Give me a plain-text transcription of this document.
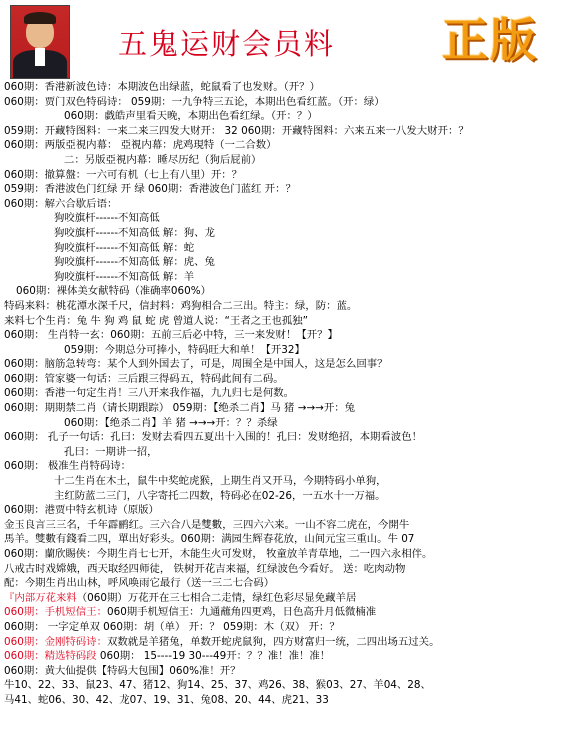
五鬼运财会员料 正版
060期：香港新波色诗：本期波色出绿蓝，蛇鼠看了也发财。（开？）
060期：贾门双色特码诗： 059期：一九争特三五论，本期出色看红蓝。（开：绿）
060期：戯皓声里看天晚，本期出色看红绿。（开：？）
059期：开藏特图料：一来二来三四发大财开： 32 060期：开藏特图料：六来五来一八发大财开：？
060期：两版亞視内幕： 亞視内幕：虎鸡現特（一二合数）
二：另版亞視内幕：睡尽历纪（狗后屁前）
060期：撤算盤：一六可有机（七上有八里）开：？
059期：香港波色门红绿 开 绿 060期：香港波色门蓝红 开：？
060期：解六合歇后语：
狗咬旗杆------不知高低
狗咬旗杆------不知高低 解：狗、龙
狗咬旗杆------不知高低 解：蛇
狗咬旗杆------不知高低 解：虎、兔
狗咬旗杆------不知高低 解：羊
060期：裸体美女献特码（准确率060%）
特码来料：桃花潭水深千尺，信封料：鸡狗相合二三出。特主：绿，防：蓝。
来料七个生肖：兔 牛 狗 鸡 鼠 蛇 虎 曾道人说：“王者之王也孤独”
060期： 生肖特一玄：060期：五前三后必中特，三一来发财！【开？】
059期：今期总分可捧小，特码旺大和单！【开32】
060期：脑筋急转弯：某个人到外国去了，可是，周围全是中国人，这是怎么回事？
060期：管家婆一句话：三后跟三得码五，特码此间有二码。
060期：香港一句定生肖！三八开来我作福，九九归七是何数。
060期：期期禁二肖（请长期跟踪） 059期：【绝杀二肖】马 猪 →→→开：兔
060期：【绝杀二肖】羊 猪 →→→开：？？杀绿
060期： 孔子一句话：孔曰：发财去看四五夏出十入围的！孔曰：发财绝招，本期看波色！
孔曰：一期讲一招，
060期： 极准生肖特码诗：
十二生肖在木土，鼠牛中奖蛇虎猴，上期生肖又开马，今期特码小单狗，
主红防蓝二三门，八字寄托二四数，特码必在02-26，一五水十一万福。
060期：港贾中特玄机诗（原版）
金玉良言三三名，千年霹鹂红。三六合八是雙數，三四六六来。一山不容二虎在，今開牛
馬羊。雙數有錢看二四，單出好彩头。060期：满园生辉春花放，山间元宝三重山。牛 07
060期：蘭欣賜侠：今期生肖七七开，木能生火可发财， 牧童放羊青草地，二一四六永相伴。
八戒古时戏嫦娥，西天取经四师徒， 铁树开花吉来福，红绿波色今看好。 送：吃肉动物
配：今期生肖出山林，呼风唤雨它最行（送一三二七合码）
『内部万花来料（060期）万花开在三七相合二走情，绿红色彩尽显免藏羊居
060期：手机短信王：060期手机短信王：九通蘸角四更鸡，日色高升月低微楠准
060期： 一字定单双 060期：胡（单） 开：？ 059期：木（双） 开：？
060期：金刚特码诗：双数就是羊猪兔，单数开蛇虎鼠狗，四方财富归一统，二四出场五过关。
060期：精选特码段 060期： 15----19 30---49开：？？准！准！准！
060期：黄大仙提供【特码大包围】060%准！开？
牛10、22、33、鼠23、47、猪12、狗14、25、37、鸡26、38、猴03、27、羊04、28、
马41、蛇06、30、42、龙07、19、31、兔08、20、44、虎21、33
